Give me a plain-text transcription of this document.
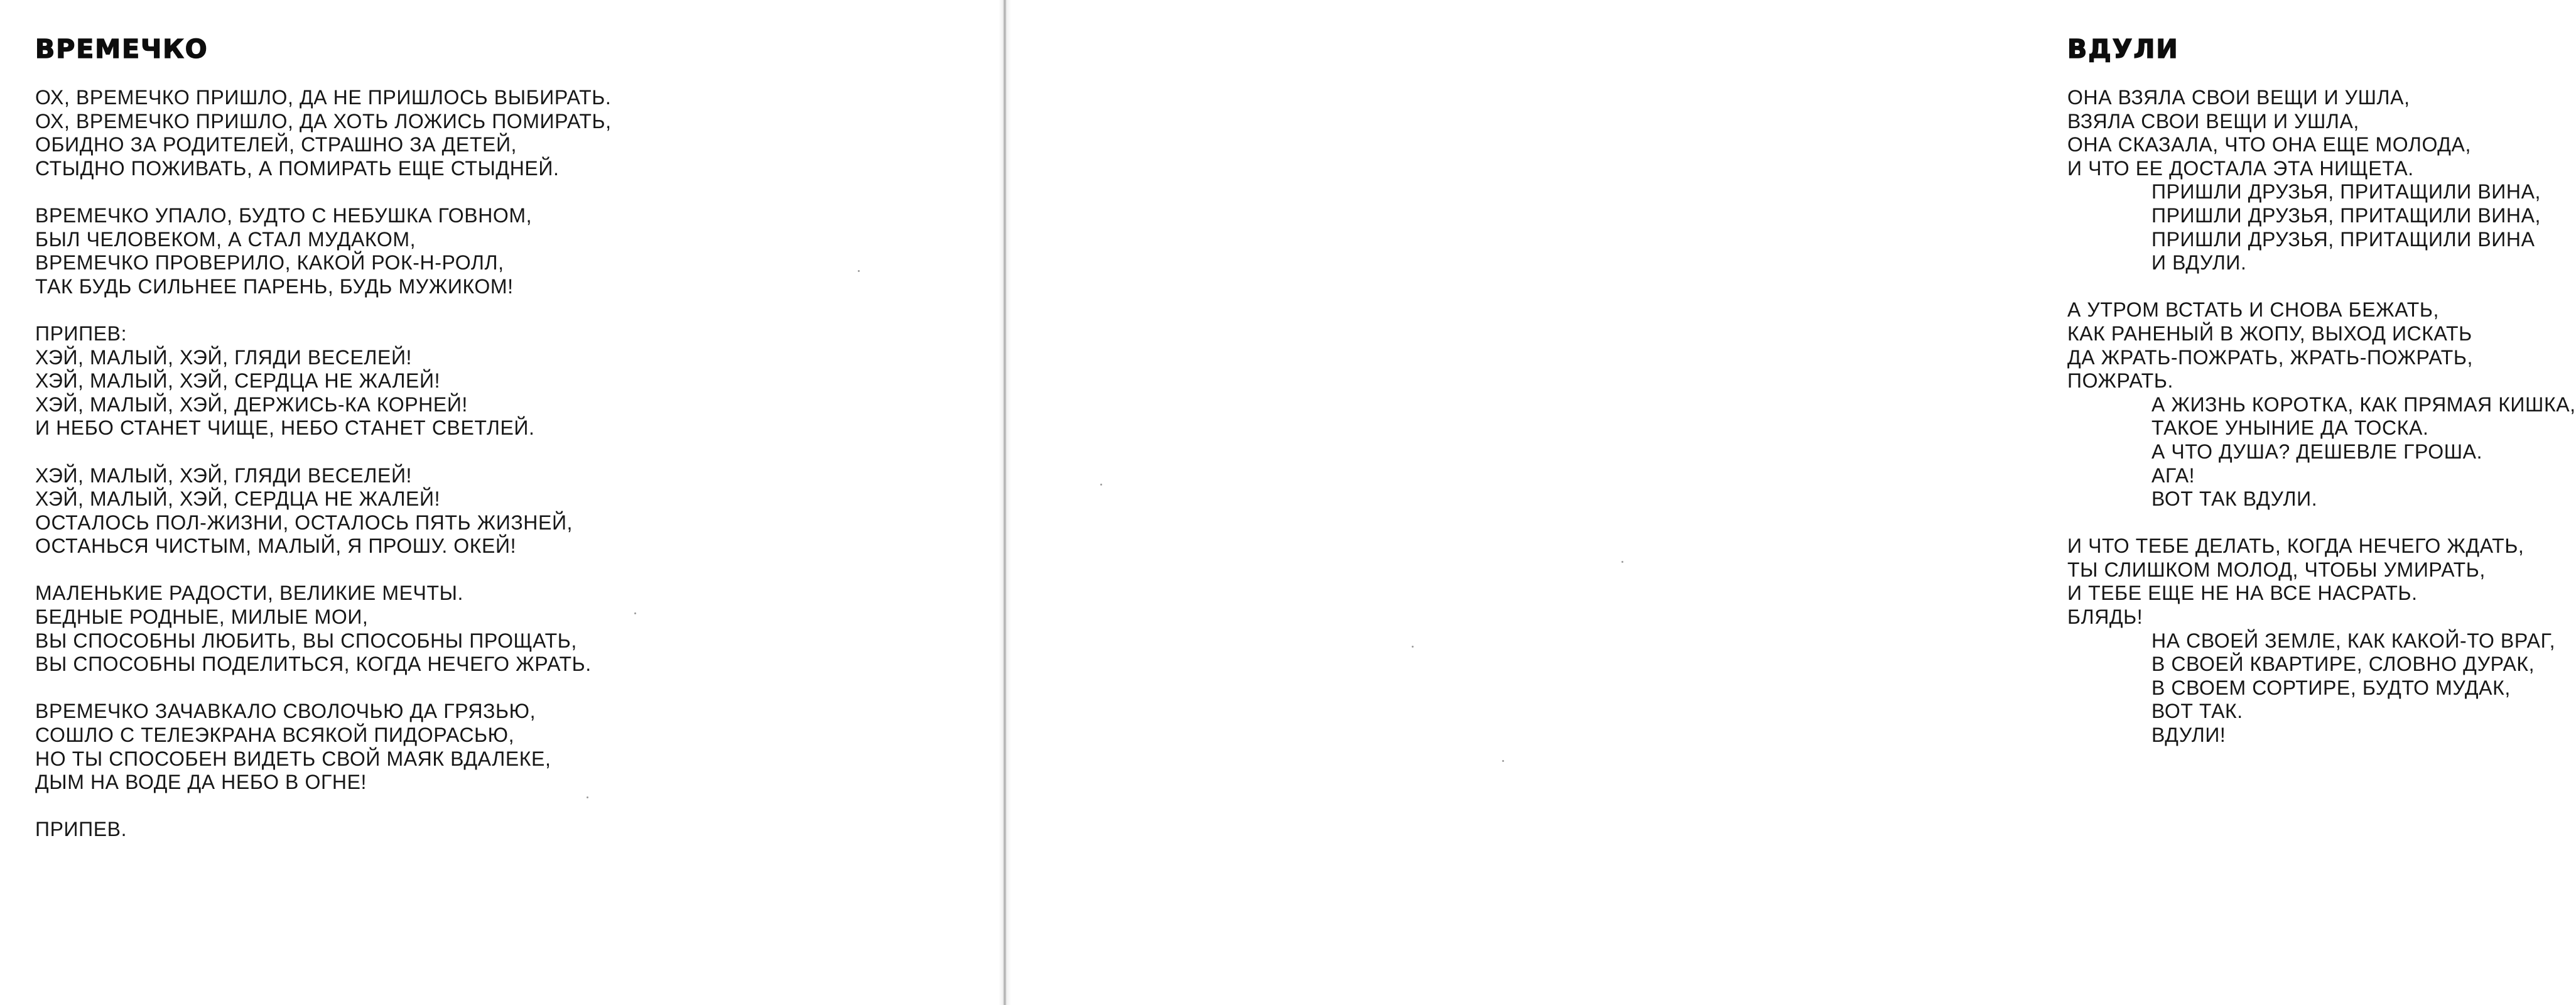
ВРЕМЕЧКО
ОХ, ВРЕМЕЧКО ПРИШЛО, ДА НЕ ПРИШЛОСЬ ВЫБИРАТЬ.
ОХ, ВРЕМЕЧКО ПРИШЛО, ДА ХОТЬ ЛОЖИСЬ ПОМИРАТЬ,
ОБИДНО ЗА РОДИТЕЛЕЙ, СТРАШНО ЗА ДЕТЕЙ,
СТЫДНО ПОЖИВАТЬ, А ПОМИРАТЬ ЕЩЕ СТЫДНЕЙ.
ВРЕМЕЧКО УПАЛО, БУДТО С НЕБУШКА ГОВНОМ,
БЫЛ ЧЕЛОВЕКОМ, А СТАЛ МУДАКОМ,
ВРЕМЕЧКО ПРОВЕРИЛО, КАКОЙ РОК-Н-РОЛЛ,
ТАК БУДЬ СИЛЬНЕЕ ПАРЕНЬ, БУДЬ МУЖИКОМ!
ПРИПЕВ:
ХЭЙ, МАЛЫЙ, ХЭЙ, ГЛЯДИ ВЕСЕЛЕЙ!
ХЭЙ, МАЛЫЙ, ХЭЙ, СЕРДЦА НЕ ЖАЛЕЙ!
ХЭЙ, МАЛЫЙ, ХЭЙ, ДЕРЖИСЬ-КА КОРНЕЙ!
И НЕБО СТАНЕТ ЧИЩЕ, НЕБО СТАНЕТ СВЕТЛЕЙ.
ХЭЙ, МАЛЫЙ, ХЭЙ, ГЛЯДИ ВЕСЕЛЕЙ!
ХЭЙ, МАЛЫЙ, ХЭЙ, СЕРДЦА НЕ ЖАЛЕЙ!
ОСТАЛОСЬ ПОЛ-ЖИЗНИ, ОСТАЛОСЬ ПЯТЬ ЖИЗНЕЙ,
ОСТАНЬСЯ ЧИСТЫМ, МАЛЫЙ, Я ПРОШУ. ОКЕЙ!
МАЛЕНЬКИЕ РАДОСТИ, ВЕЛИКИЕ МЕЧТЫ.
БЕДНЫЕ РОДНЫЕ, МИЛЫЕ МОИ,
ВЫ СПОСОБНЫ ЛЮБИТЬ, ВЫ СПОСОБНЫ ПРОЩАТЬ,
ВЫ СПОСОБНЫ ПОДЕЛИТЬСЯ, КОГДА НЕЧЕГО ЖРАТЬ.
ВРЕМЕЧКО ЗАЧАВКАЛО СВОЛОЧЬЮ ДА ГРЯЗЬЮ,
СОШЛО С ТЕЛЕЭКРАНА ВСЯКОЙ ПИДОРАСЬЮ,
НО ТЫ СПОСОБЕН ВИДЕТЬ СВОЙ МАЯК ВДАЛЕКЕ,
ДЫМ НА ВОДЕ ДА НЕБО В ОГНЕ!
ПРИПЕВ.
ВДУЛИ
ОНА ВЗЯЛА СВОИ ВЕЩИ И УШЛА,
ВЗЯЛА СВОИ ВЕЩИ И УШЛА,
ОНА СКАЗАЛА, ЧТО ОНА ЕЩЕ МОЛОДА,
И ЧТО ЕЕ ДОСТАЛА ЭТА НИЩЕТА.
ПРИШЛИ ДРУЗЬЯ, ПРИТАЩИЛИ ВИНА,
ПРИШЛИ ДРУЗЬЯ, ПРИТАЩИЛИ ВИНА,
ПРИШЛИ ДРУЗЬЯ, ПРИТАЩИЛИ ВИНА
И ВДУЛИ.
А УТРОМ ВСТАТЬ И СНОВА БЕЖАТЬ,
КАК РАНЕНЫЙ В ЖОПУ, ВЫХОД ИСКАТЬ
ДА ЖРАТЬ-ПОЖРАТЬ, ЖРАТЬ-ПОЖРАТЬ,
ПОЖРАТЬ.
А ЖИЗНЬ КОРОТКА, КАК ПРЯМАЯ КИШКА,
ТАКОЕ УНЫНИЕ ДА ТОСКА.
А ЧТО ДУША? ДЕШЕВЛЕ ГРОША.
АГА!
ВОТ ТАК ВДУЛИ.
И ЧТО ТЕБЕ ДЕЛАТЬ, КОГДА НЕЧЕГО ЖДАТЬ,
ТЫ СЛИШКОМ МОЛОД, ЧТОБЫ УМИРАТЬ,
И ТЕБЕ ЕЩЕ НЕ НА ВСЕ НАСРАТЬ.
БЛЯДЬ!
НА СВОЕЙ ЗЕМЛЕ, КАК КАКОЙ-ТО ВРАГ,
В СВОЕЙ КВАРТИРЕ, СЛОВНО ДУРАК,
В СВОЕМ СОРТИРЕ, БУДТО МУДАК,
ВОТ ТАК.
ВДУЛИ!
